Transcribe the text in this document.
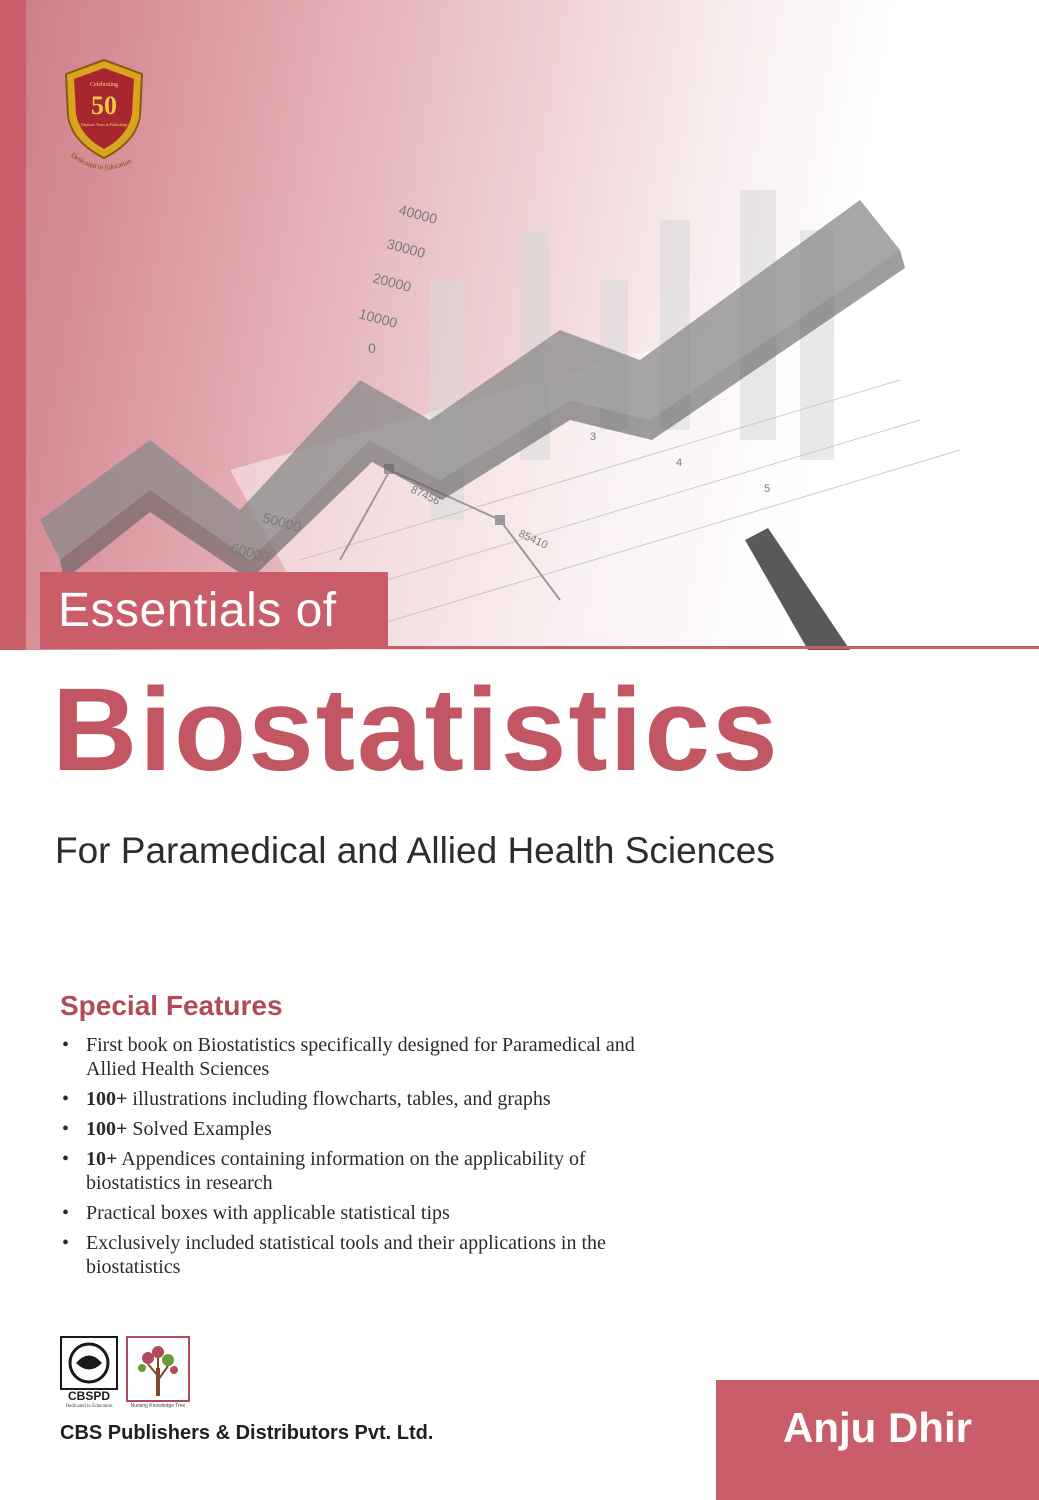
0
10000
20000
30000
40000
50000
60000
87456
85410
3
4
5
Celebrating
50
Glorious Years in Publishing
Dedicated to Education
Essentials of
Biostatistics
For Paramedical and Allied Health Sciences
Special Features
• First book on Biostatistics specifically designed for Paramedical and Allied Health Sciences
• 100+ illustrations including flowcharts, tables, and graphs
• 100+ Solved Examples
• 10+ Appendices containing information on the applicability of biostatistics in research
• Practical boxes with applicable statistical tips
• Exclusively included statistical tools and their applications in the biostatistics
CBSPD
Dedicated to Education	Nursing Knowledge Tree
CBS Publishers & Distributors Pvt. Ltd.	Anju Dhir
